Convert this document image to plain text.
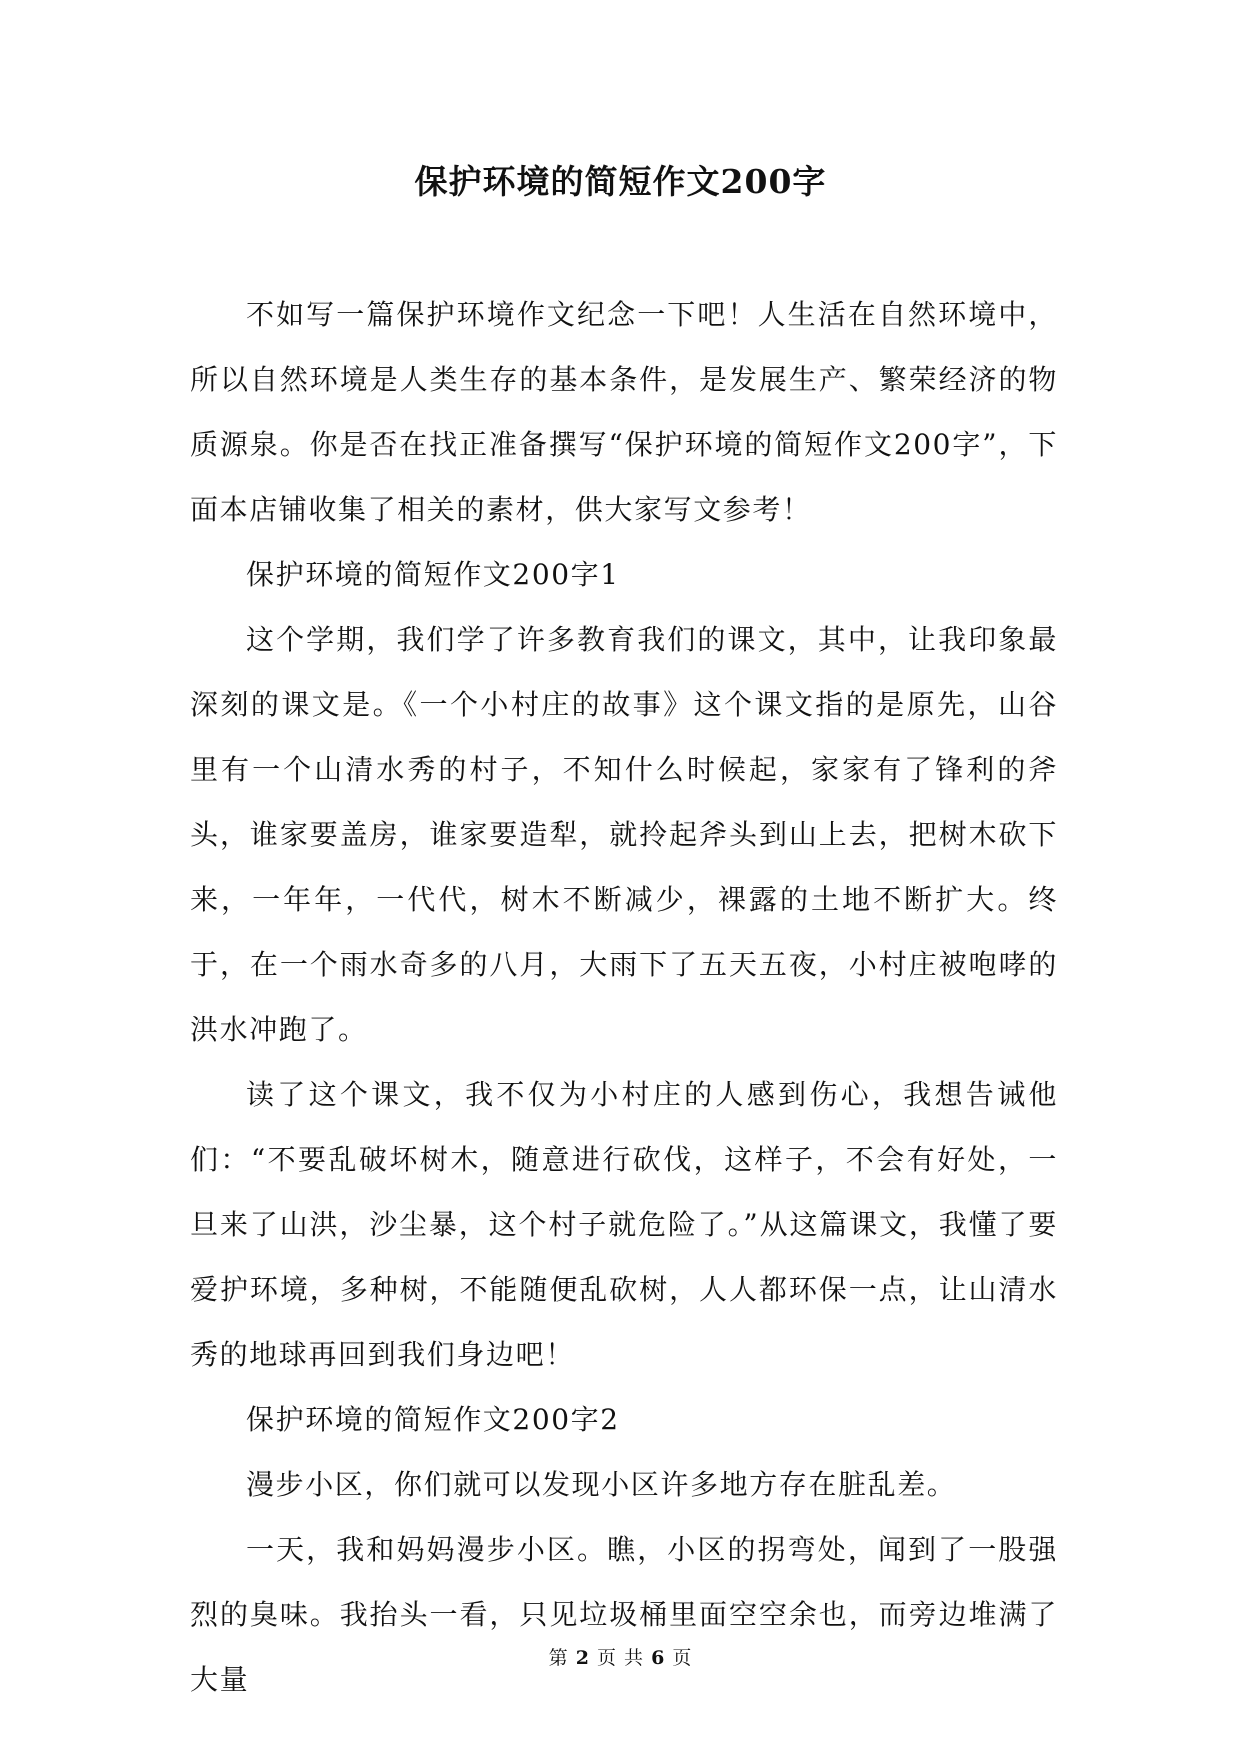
保护环境的简短作文200字

不如写一篇保护环境作文纪念一下吧！人生活在自然环境中，所以自然环境是人类生存的基本条件，是发展生产、繁荣经济的物质源泉。你是否在找正准备撰写“保护环境的简短作文200字”，下面本店铺收集了相关的素材，供大家写文参考！

保护环境的简短作文200字1

这个学期，我们学了许多教育我们的课文，其中，让我印象最深刻的课文是。《一个小村庄的故事》这个课文指的是原先，山谷里有一个山清水秀的村子，不知什么时候起，家家有了锋利的斧头，谁家要盖房，谁家要造犁，就拎起斧头到山上去，把树木砍下来，一年年，一代代，树木不断减少，裸露的土地不断扩大。终于，在一个雨水奇多的八月，大雨下了五天五夜，小村庄被咆哮的洪水冲跑了。

读了这个课文，我不仅为小村庄的人感到伤心，我想告诫他们：“不要乱破坏树木，随意进行砍伐，这样子，不会有好处，一旦来了山洪，沙尘暴，这个村子就危险了。”从这篇课文，我懂了要爱护环境，多种树，不能随便乱砍树，人人都环保一点，让山清水秀的地球再回到我们身边吧！

保护环境的简短作文200字2

漫步小区，你们就可以发现小区许多地方存在脏乱差。

一天，我和妈妈漫步小区。瞧，小区的拐弯处，闻到了一股强烈的臭味。我抬头一看，只见垃圾桶里面空空余也，而旁边堆满了大量

第 2 页 共 6 页
